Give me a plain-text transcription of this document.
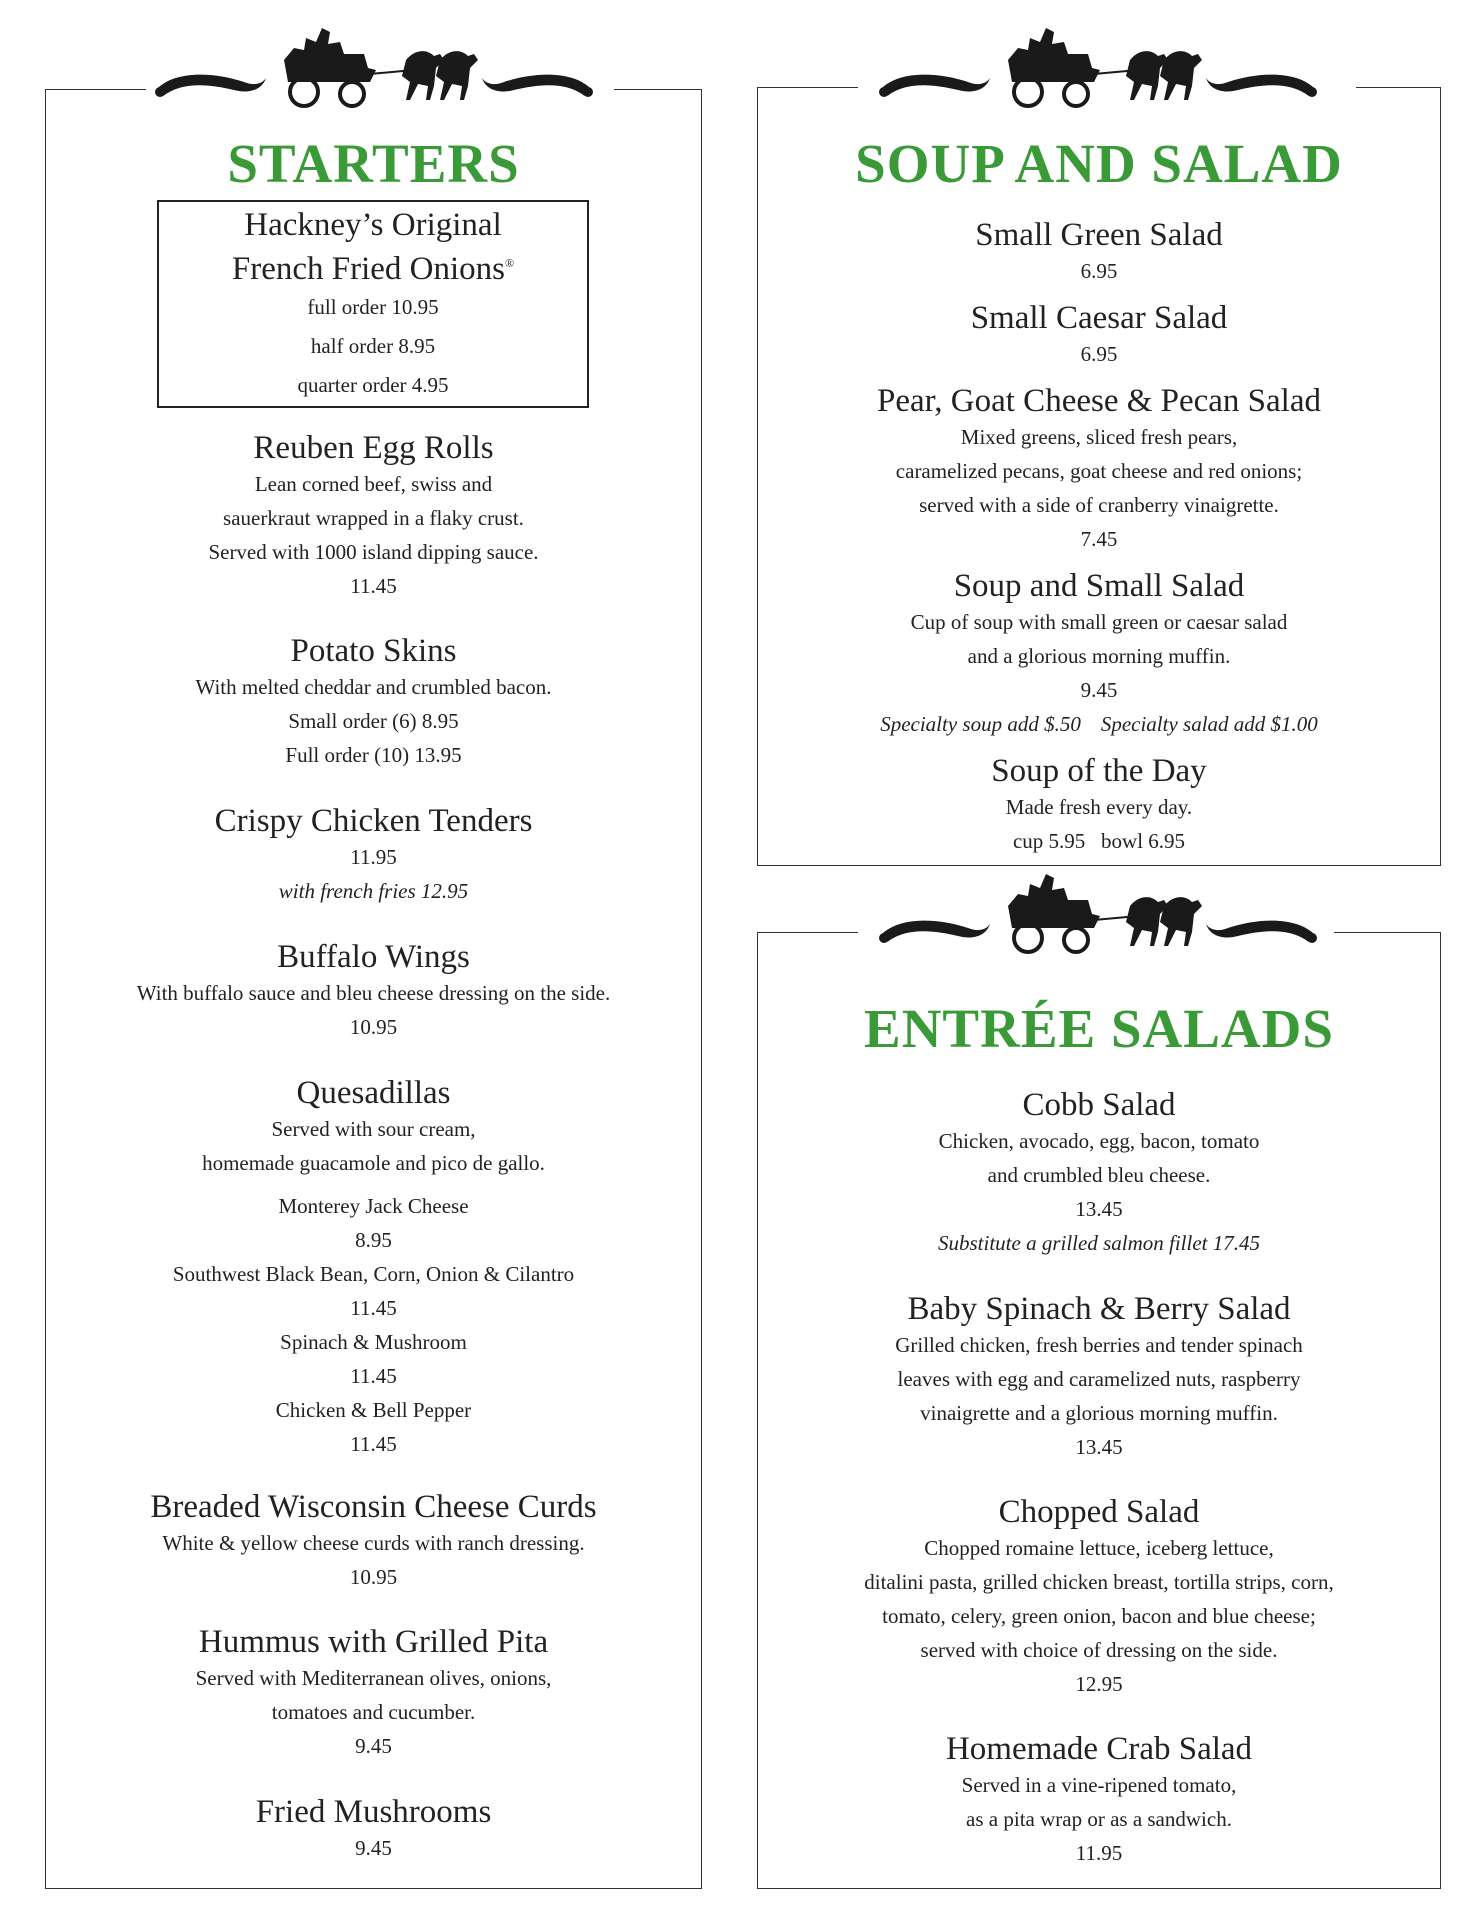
STARTERS
Hackney’s Original
French Fried Onions®
full order 10.95
half order 8.95
quarter order 4.95
Reuben Egg Rolls
Lean corned beef, swiss and
sauerkraut wrapped in a flaky crust.
Served with 1000 island dipping sauce.
11.45
Potato Skins
With melted cheddar and crumbled bacon.
Small order (6) 8.95
Full order (10) 13.95
Crispy Chicken Tenders
11.95
with french fries 12.95
Buffalo Wings
With buffalo sauce and bleu cheese dressing on the side.
10.95
Quesadillas
Served with sour cream,
homemade guacamole and pico de gallo.
Monterey Jack Cheese
8.95
Southwest Black Bean, Corn, Onion & Cilantro
11.45
Spinach & Mushroom
11.45
Chicken & Bell Pepper
11.45
Breaded Wisconsin Cheese Curds
White & yellow cheese curds with ranch dressing.
10.95
Hummus with Grilled Pita
Served with Mediterranean olives, onions,
tomatoes and cucumber.
9.45
Fried Mushrooms
9.45
SOUP AND SALAD
Small Green Salad
6.95
Small Caesar Salad
6.95
Pear, Goat Cheese & Pecan Salad
Mixed greens, sliced fresh pears,
caramelized pecans, goat cheese and red onions;
served with a side of cranberry vinaigrette.
7.45
Soup and Small Salad
Cup of soup with small green or caesar salad
and a glorious morning muffin.
9.45
Specialty soup add $.50 Specialty salad add $1.00
Soup of the Day
Made fresh every day.
cup 5.95   bowl 6.95
ENTRÉE SALADS
Cobb Salad
Chicken, avocado, egg, bacon, tomato
and crumbled bleu cheese.
13.45
Substitute a grilled salmon fillet 17.45
Baby Spinach & Berry Salad
Grilled chicken, fresh berries and tender spinach
leaves with egg and caramelized nuts, raspberry
vinaigrette and a glorious morning muffin.
13.45
Chopped Salad
Chopped romaine lettuce, iceberg lettuce,
ditalini pasta, grilled chicken breast, tortilla strips, corn,
tomato, celery, green onion, bacon and blue cheese;
served with choice of dressing on the side.
12.95
Homemade Crab Salad
Served in a vine-ripened tomato,
as a pita wrap or as a sandwich.
11.95
